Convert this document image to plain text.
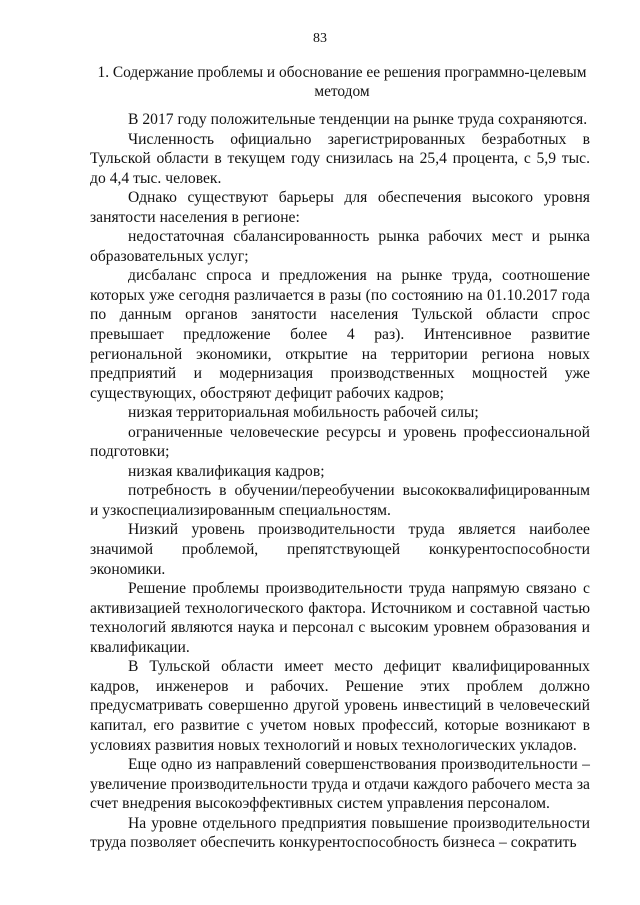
83
1. Содержание проблемы и обоснование ее решения программно-целевым методом

В 2017 году положительные тенденции на рынке труда сохраняются.

Численность официально зарегистрированных безработных в Тульской области в текущем году снизилась на 25,4 процента, с 5,9 тыс. до 4,4 тыс. человек.

Однако существуют барьеры для обеспечения высокого уровня занятости населения в регионе:

недостаточная сбалансированность рынка рабочих мест и рынка образовательных услуг;

дисбаланс спроса и предложения на рынке труда, соотношение которых уже сегодня различается в разы (по состоянию на 01.10.2017 года по данным органов занятости населения Тульской области спрос превышает предложение более 4 раз). Интенсивное развитие региональной экономики, открытие на территории региона новых предприятий и модернизация производственных мощностей уже существующих, обостряют дефицит рабочих кадров;

низкая территориальная мобильность рабочей силы;

ограниченные человеческие ресурсы и уровень профессиональной подготовки;

низкая квалификация кадров;

потребность в обучении/переобучении высококвалифицированным и узкоспециализированным специальностям.

Низкий уровень производительности труда является наиболее значимой проблемой, препятствующей конкурентоспособности экономики.

Решение проблемы производительности труда напрямую связано с активизацией технологического фактора. Источником и составной частью технологий являются наука и персонал с высоким уровнем образования и квалификации.

В Тульской области имеет место дефицит квалифицированных кадров, инженеров и рабочих. Решение этих проблем должно предусматривать совершенно другой уровень инвестиций в человеческий капитал, его развитие с учетом новых профессий, которые возникают в условиях развития новых технологий и новых технологических укладов.

Еще одно из направлений совершенствования производительности – увеличение производительности труда и отдачи каждого рабочего места за счет внедрения высокоэффективных систем управления персоналом.

На уровне отдельного предприятия повышение производительности труда позволяет обеспечить конкурентоспособность бизнеса – сократить
